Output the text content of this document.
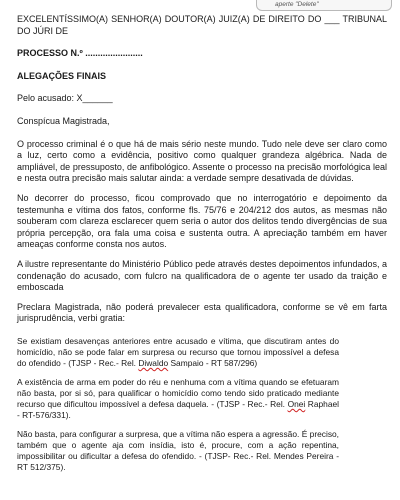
aperte "Delete"

EXCELENTÍSSIMO(A) SENHOR(A) DOUTOR(A) JUIZ(A) DE DIREITO DO ___ TRIBUNAL DO JÚRI DE

PROCESSO N.º .......................

ALEGAÇÕES FINAIS

Pelo acusado: X______

Conspícua Magistrada,

O processo criminal é o que há de mais sério neste mundo. Tudo nele deve ser claro como a luz, certo como a evidência, positivo como qualquer grandeza algébrica. Nada de ampliável, de pressuposto, de anfibológico. Assente o processo na precisão morfológica leal e nesta outra precisão mais salutar ainda: a verdade sempre desativada de dúvidas.

No decorrer do processo, ficou comprovado que no interrogatório e depoimento da testemunha e vítima dos fatos, conforme fls. 75/76 e 204/212 dos autos, as mesmas não souberam com clareza esclarecer quem seria o autor dos delitos tendo divergências de sua própria percepção, ora fala uma coisa e sustenta outra. A apreciação também em haver ameaças conforme consta nos autos.

A ilustre representante do Ministério Público pede através destes depoimentos infundados, a condenação do acusado, com fulcro na qualificadora de o agente ter usado da traição e emboscada

Preclara Magistrada, não poderá prevalecer esta qualificadora, conforme se vê em farta jurisprudência, verbi gratia:

Se existiam desavenças anteriores entre acusado e vítima, que discutiram antes do homicídio, não se pode falar em surpresa ou recurso que tornou impossível a defesa do ofendido - (TJSP - Rec.- Rel. Diwaldo Sampaio - RT 587/296)

A existência de arma em poder do réu e nenhuma com a vítima quando se efetuaram não basta, por si só, para qualificar o homicídio como tendo sido praticado mediante recurso que dificultou impossível a defesa daquela. - (TJSP - Rec.- Rel. Onei Raphael - RT-576/331).

Não basta, para configurar a surpresa, que a vítima não espera a agressão. É preciso, também que o agente aja com insídia, isto é, procure, com a ação repentina, impossibilitar ou dificultar a defesa do ofendido. - (TJSP- Rec.- Rel. Mendes Pereira - RT 512/375).
